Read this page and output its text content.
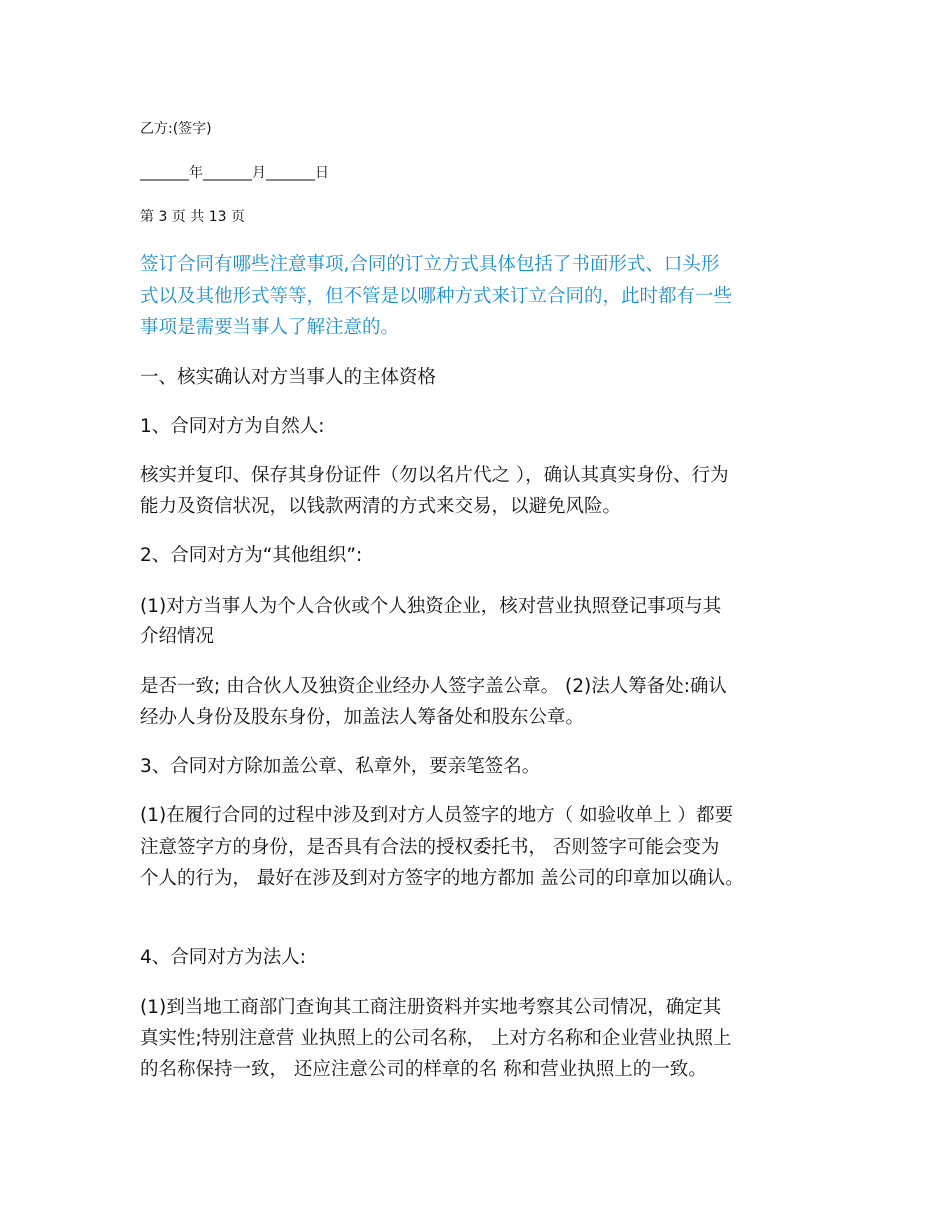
乙方:(签字)
_______年_______月_______日
第 3 页 共 13 页
签订合同有哪些注意事项,合同的订立方式具体包括了书面形式、口头形
式以及其他形式等等，但不管是以哪种方式来订立合同的，此时都有一些
事项是需要当事人了解注意的。
一、核实确认对方当事人的主体资格
1、合同对方为自然人:
核实并复印、保存其身份证件（勿以名片代之 ），确认其真实身份、行为
能力及资信状况，以钱款两清的方式来交易，以避免风险。
2、合同对方为“其他组织”:
(1)对方当事人为个人合伙或个人独资企业，核对营业执照登记事项与其
介绍情况
是否一致; 由合伙人及独资企业经办人签字盖公章。 (2)法人筹备处:确认
经办人身份及股东身份，加盖法人筹备处和股东公章。
3、合同对方除加盖公章、私章外，要亲笔签名。
(1)在履行合同的过程中涉及到对方人员签字的地方（ 如验收单上 ）都要
注意签字方的身份，是否具有合法的授权委托书， 否则签字可能会变为
个人的行为， 最好在涉及到对方签字的地方都加 盖公司的印章加以确认。
4、合同对方为法人:
(1)到当地工商部门查询其工商注册资料并实地考察其公司情况，确定其
真实性;特别注意营 业执照上的公司名称， 上对方名称和企业营业执照上
的名称保持一致， 还应注意公司的样章的名 称和营业执照上的一致。
